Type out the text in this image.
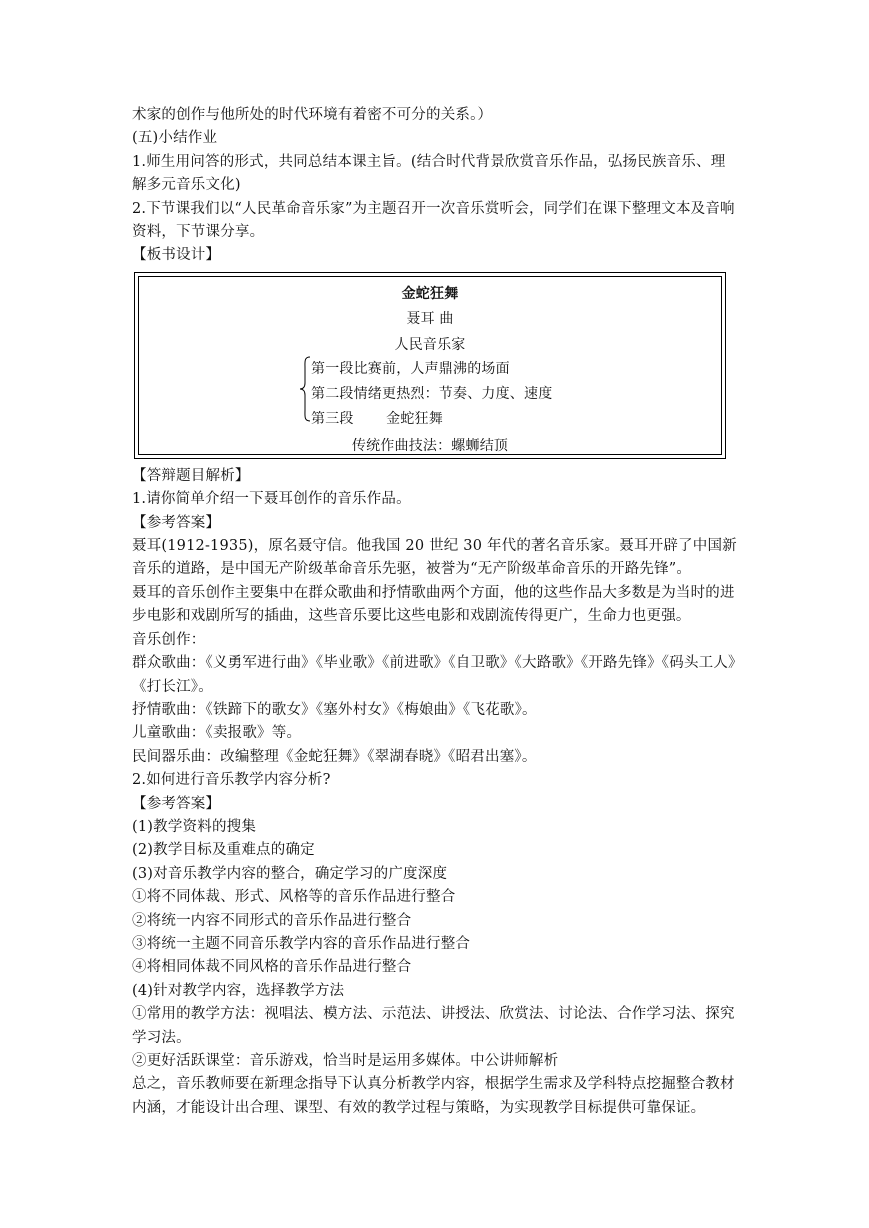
术家的创作与他所处的时代环境有着密不可分的关系。）

(五)小结作业

1.师生用问答的形式，共同总结本课主旨。(结合时代背景欣赏音乐作品，弘扬民族音乐、理解多元音乐文化)

2.下节课我们以“人民革命音乐家”为主题召开一次音乐赏听会，同学们在课下整理文本及音响资料，下节课分享。

【板书设计】

金蛇狂舞
聂耳 曲
人民音乐家
第一段比赛前，人声鼎沸的场面
第二段情绪更热烈：节奏、力度、速度
第三段       金蛇狂舞
传统作曲技法：螺蛳结顶

【答辩题目解析】

1.请你简单介绍一下聂耳创作的音乐作品。

【参考答案】

聂耳(1912-1935)，原名聂守信。他我国 20 世纪 30 年代的著名音乐家。聂耳开辟了中国新音乐的道路，是中国无产阶级革命音乐先驱，被誉为“无产阶级革命音乐的开路先锋”。

聂耳的音乐创作主要集中在群众歌曲和抒情歌曲两个方面，他的这些作品大多数是为当时的进步电影和戏剧所写的插曲，这些音乐要比这些电影和戏剧流传得更广，生命力也更强。

音乐创作：

群众歌曲：《义勇军进行曲》《毕业歌》《前进歌》《自卫歌》《大路歌》《开路先锋》《码头工人》《打长江》。

抒情歌曲：《铁蹄下的歌女》《塞外村女》《梅娘曲》《飞花歌》。

儿童歌曲：《卖报歌》等。

民间器乐曲：改编整理《金蛇狂舞》《翠湖春晓》《昭君出塞》。

2.如何进行音乐教学内容分析?

【参考答案】

(1)教学资料的搜集

(2)教学目标及重难点的确定

(3)对音乐教学内容的整合，确定学习的广度深度

①将不同体裁、形式、风格等的音乐作品进行整合

②将统一内容不同形式的音乐作品进行整合

③将统一主题不同音乐教学内容的音乐作品进行整合

④将相同体裁不同风格的音乐作品进行整合

(4)针对教学内容，选择教学方法

①常用的教学方法：视唱法、模方法、示范法、讲授法、欣赏法、讨论法、合作学习法、探究学习法。

②更好活跃课堂：音乐游戏，恰当时是运用多媒体。中公讲师解析

总之，音乐教师要在新理念指导下认真分析教学内容，根据学生需求及学科特点挖掘整合教材内涵，才能设计出合理、课型、有效的教学过程与策略，为实现教学目标提供可靠保证。
